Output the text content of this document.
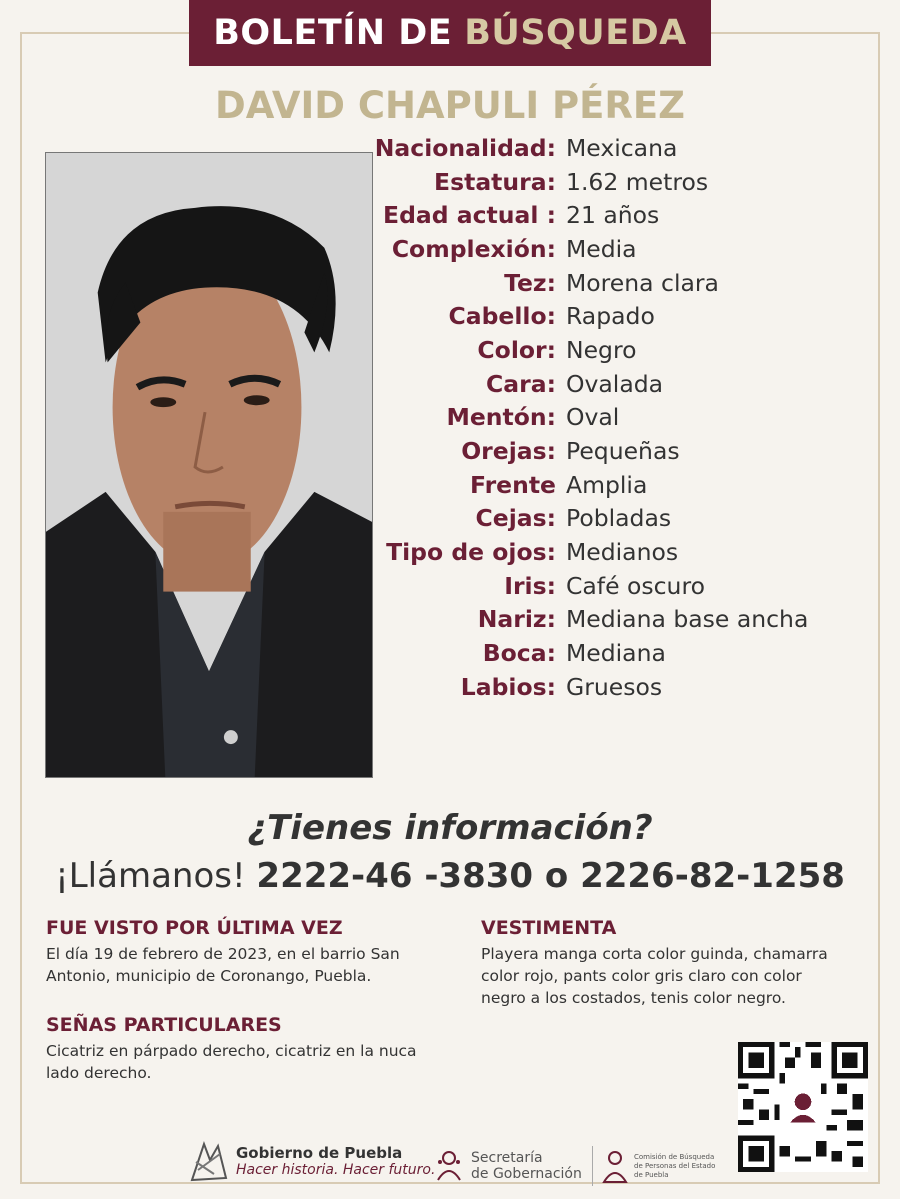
BOLETÍN DE BÚSQUEDA
DAVID CHAPULI PÉREZ
Nacionalidad: Mexicana
Estatura: 1.62 metros
Edad actual : 21 años
Complexión: Media
Tez: Morena clara
Cabello: Rapado
Color: Negro
Cara: Ovalada
Mentón: Oval
Orejas: Pequeñas
Frente Amplia
Cejas: Pobladas
Tipo de ojos: Medianos
Iris: Café oscuro
Nariz: Mediana base ancha
Boca: Mediana
Labios: Gruesos
¿Tienes información?
¡Llámanos! 2222-46 -3830 o 2226-82-1258
FUE VISTO POR ÚLTIMA VEZ
El día 19 de febrero de 2023, en el barrio San
Antonio, municipio de Coronango, Puebla.
VESTIMENTA
Playera manga corta color guinda, chamarra
color rojo, pants color gris claro con color
negro a los costados, tenis color negro.
SEÑAS PARTICULARES
Cicatriz en párpado derecho, cicatriz en la nuca
lado derecho.
Gobierno de Puebla
Hacer historia. Hacer futuro.
Secretaría
de Gobernación
Comisión de Búsqueda
de Personas del Estado
de Puebla
